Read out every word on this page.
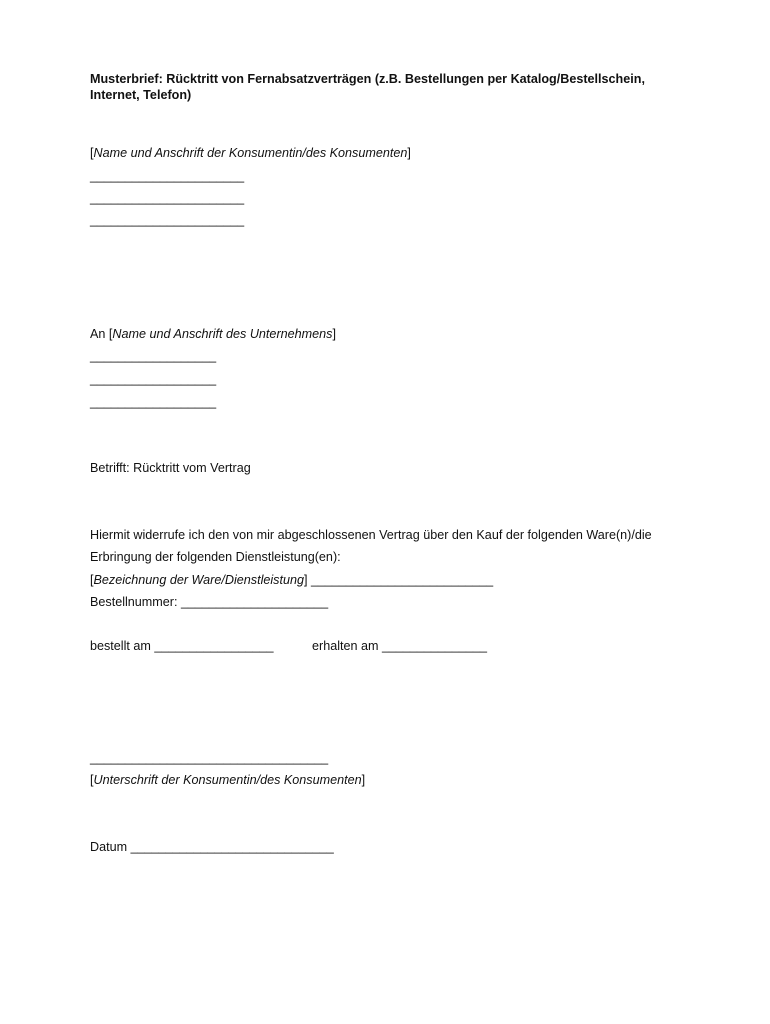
Musterbrief: Rücktritt von Fernabsatzverträgen (z.B. Bestellungen per Katalog/Bestellschein, Internet, Telefon)
[Name und Anschrift der Konsumentin/des Konsumenten]
______________________
______________________
______________________
An [Name und Anschrift des Unternehmens]
__________________
__________________
__________________
Betrifft: Rücktritt vom Vertrag
Hiermit widerrufe ich den von mir abgeschlossenen Vertrag über den Kauf der folgenden Ware(n)/die
Erbringung der folgenden Dienstleistung(en):
[Bezeichnung der Ware/Dienstleistung] __________________________
Bestellnummer: _____________________
bestellt am _________________	erhalten am _______________
__________________________________
[Unterschrift der Konsumentin/des Konsumenten]
Datum _____________________________
